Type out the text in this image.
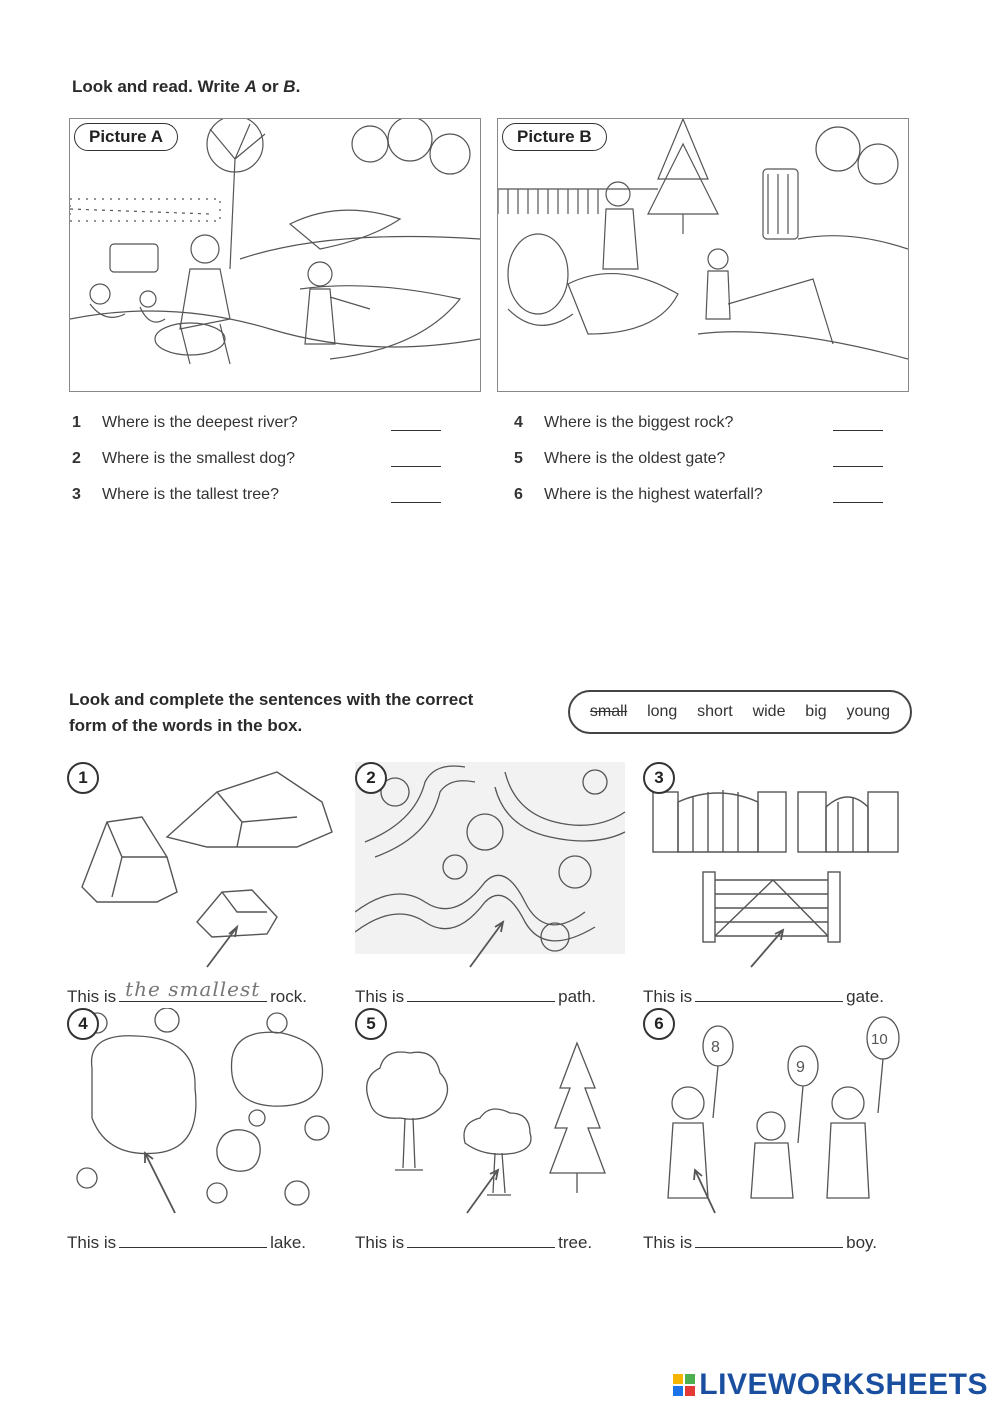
Look and read. Write A or B.
Picture A	Picture B
1 Where is the deepest river?
2 Where is the smallest dog?
3 Where is the tallest tree?
4 Where is the biggest rock?
5 Where is the oldest gate?
6 Where is the highest waterfall?
Look and complete the sentences with the correct
form of the words in the box.
small long short wide big young
1
This is the smallest rock.
2
This is	path.
3
This is	gate.
4
This is	lake.
5
This is	tree.
6
8
9
10
This is	boy.
LIVEWORKSHEETS
